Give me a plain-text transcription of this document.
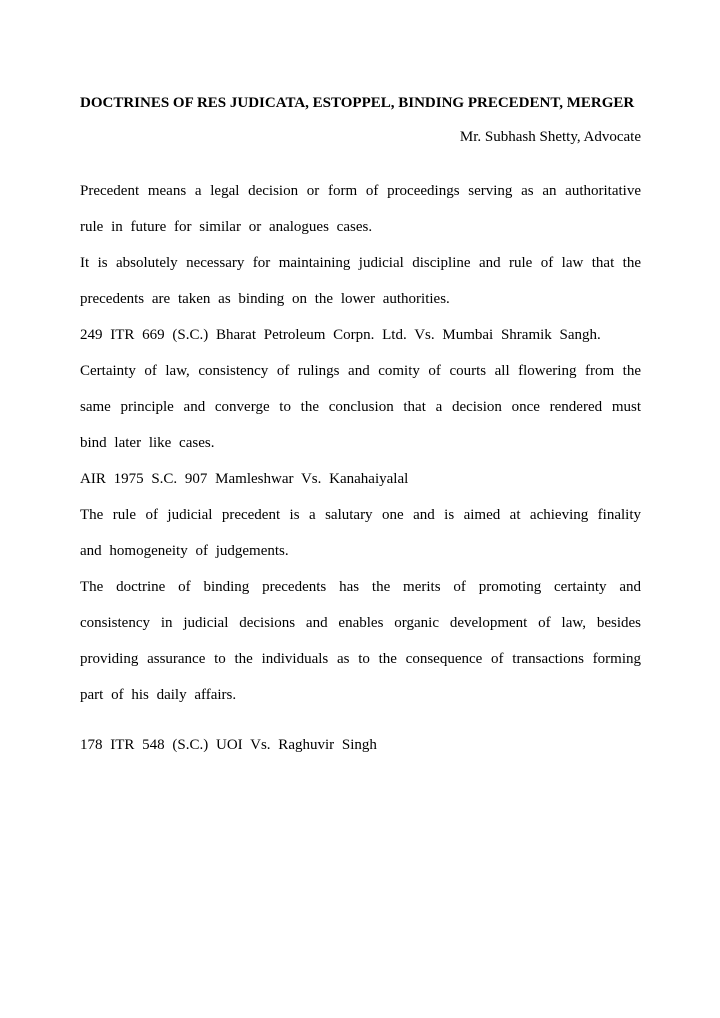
DOCTRINES OF RES JUDICATA, ESTOPPEL, BINDING PRECEDENT, MERGER

Mr. Subhash Shetty, Advocate

Precedent means a legal decision or form of proceedings serving as an authoritative rule in future for similar or analogues cases.

It is absolutely necessary for maintaining judicial discipline and rule of law that the precedents are taken as binding on the lower authorities.

249 ITR 669 (S.C.) Bharat Petroleum Corpn. Ltd. Vs. Mumbai Shramik Sangh.

Certainty of law, consistency of rulings and comity of courts all flowering from the same principle and converge to the conclusion that a decision once rendered must bind later like cases.

AIR 1975 S.C. 907 Mamleshwar Vs. Kanahaiyalal

The rule of judicial precedent is a salutary one and is aimed at achieving finality and homogeneity of judgements.

The doctrine of binding precedents has the merits of promoting certainty and consistency in judicial decisions and enables organic development of law, besides providing assurance to the individuals as to the consequence of transactions forming part of his daily affairs.

178 ITR 548 (S.C.) UOI Vs. Raghuvir Singh
